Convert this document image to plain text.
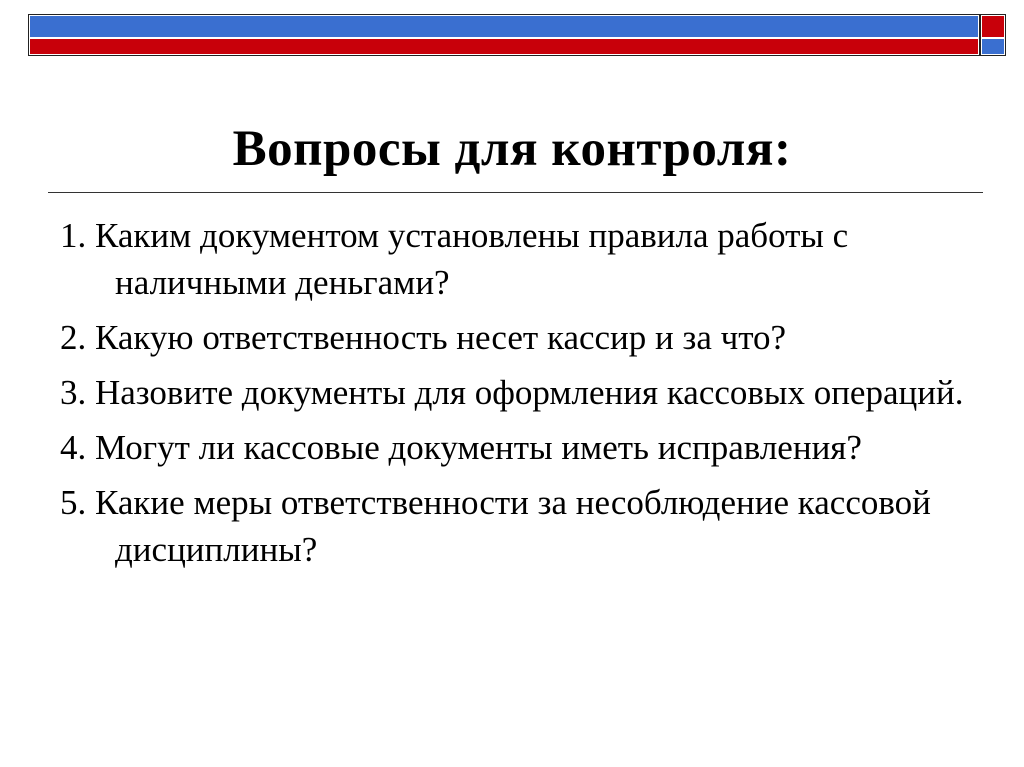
Вопросы для контроля:
1. Каким документом установлены правила работы с наличными деньгами?
2. Какую ответственность несет кассир и за что?
3. Назовите документы для оформления кассовых операций.
4. Могут ли кассовые документы иметь исправления?
5. Какие меры ответственности за несоблюдение кассовой дисциплины?
